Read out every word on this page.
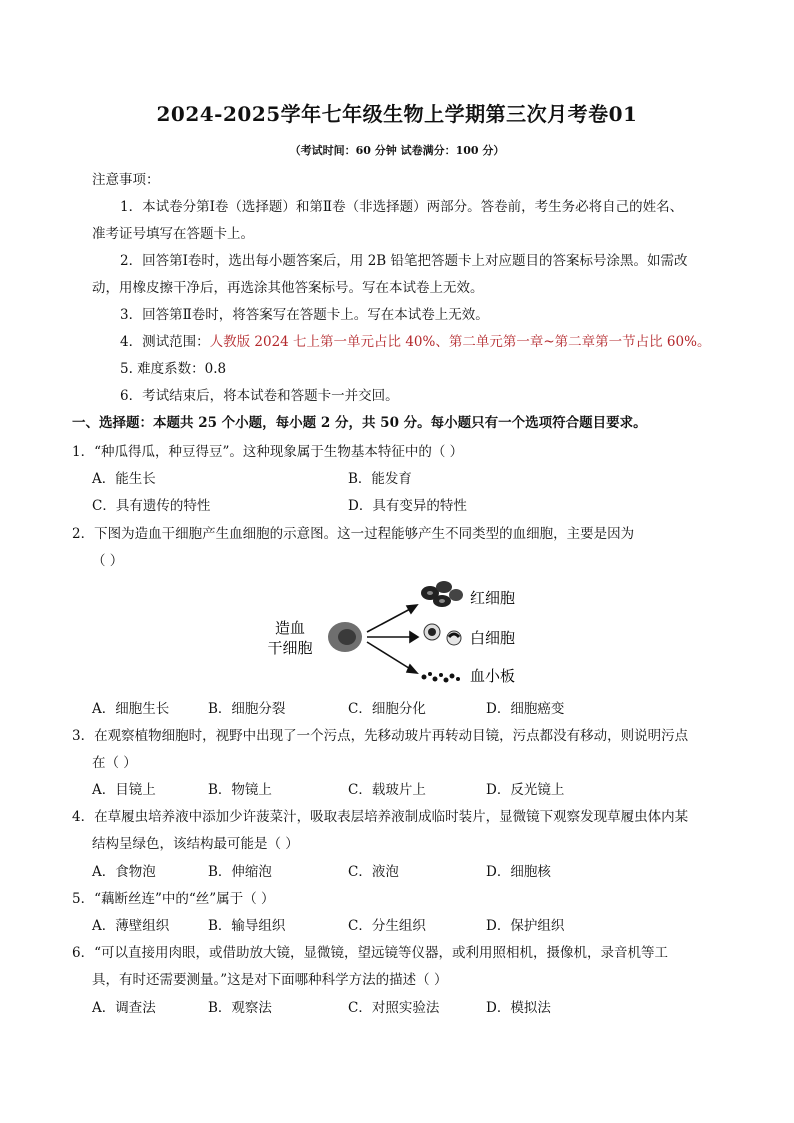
2024-2025学年七年级生物上学期第三次月考卷01
（考试时间：60 分钟 试卷满分：100 分）
注意事项：
1．本试卷分第Ⅰ卷（选择题）和第Ⅱ卷（非选择题）两部分。答卷前，考生务必将自己的姓名、
准考证号填写在答题卡上。
2．回答第Ⅰ卷时，选出每小题答案后，用 2B 铅笔把答题卡上对应题目的答案标号涂黑。如需改
动，用橡皮擦干净后，再选涂其他答案标号。写在本试卷上无效。
3．回答第Ⅱ卷时，将答案写在答题卡上。写在本试卷上无效。
4．测试范围：人教版 2024 七上第一单元占比 40%、第二单元第一章~第二章第一节占比 60%。
5. 难度系数：0.8
6．考试结束后，将本试卷和答题卡一并交回。
一、选择题：本题共 25 个小题，每小题 2 分，共 50 分。每小题只有一个选项符合题目要求。
1．“种瓜得瓜，种豆得豆”。这种现象属于生物基本特征中的（ ）
A．能生长	B．能发育
C．具有遗传的特性	D．具有变异的特性
2．下图为造血干细胞产生血细胞的示意图。这一过程能够产生不同类型的血细胞，主要是因为
（ ）
造血
干细胞
红细胞
白细胞
血小板
A．细胞生长	B．细胞分裂	C．细胞分化	D．细胞癌变
3．在观察植物细胞时，视野中出现了一个污点，先移动玻片再转动目镜，污点都没有移动，则说明污点
在（ ）
A．目镜上	B．物镜上	C．载玻片上	D．反光镜上
4．在草履虫培养液中添加少许菠菜汁，吸取表层培养液制成临时装片，显微镜下观察发现草履虫体内某
结构呈绿色，该结构最可能是（ ）
A．食物泡	B．伸缩泡	C．液泡	D．细胞核
5．“藕断丝连”中的“丝”属于（ ）
A．薄壁组织	B．输导组织	C．分生组织	D．保护组织
6．“可以直接用肉眼，或借助放大镜，显微镜，望远镜等仪器，或利用照相机，摄像机，录音机等工
具，有时还需要测量。”这是对下面哪种科学方法的描述（ ）
A．调查法	B．观察法	C．对照实验法	D．模拟法
